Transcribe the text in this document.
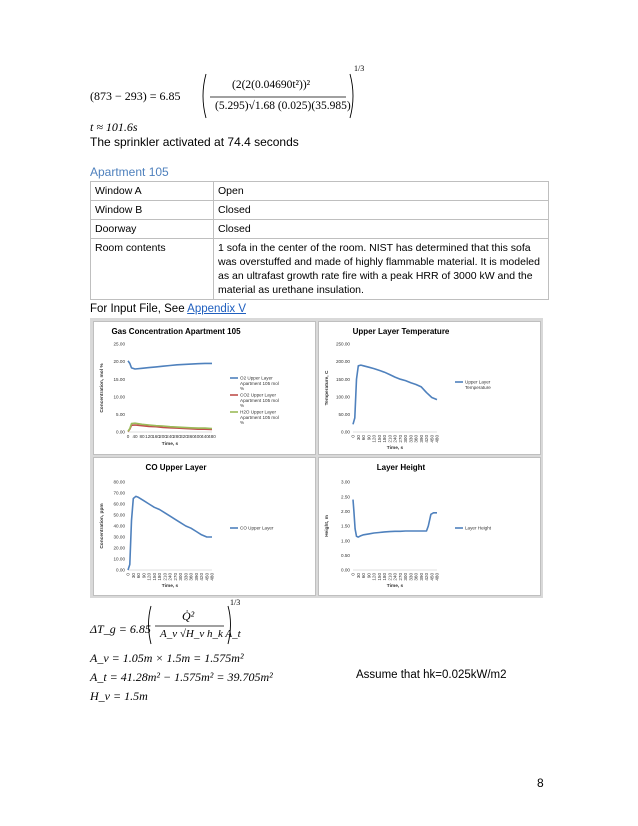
(873 − 293) = 6.85
(2(2(0.04690t²))²
(5.295)√1.68 (0.025)(35.985)
1/3
t ≈ 101.6s
The sprinkler activated at 74.4 seconds
Apartment 105
Window A	Open
Window B	Closed
Doorway	Closed
Room contents	1 sofa in the center of the room. NIST has determined that this sofa was overstuffed and made of highly flammable material. It is modeled as an ultrafast growth rate fire with a peak HRR of 3000 kW and the material as urethane insulation.
For Input File, See Appendix V
Gas Concentration Apartment 105
0.00
5.00
10.00
15.00
20.00
25.00
0 40 80 120 160 200 240 280 320 360 400 440 480
Time, s
Concentration, mol %	O2 Upper Layer Apartment 105 mol %
CO2 Upper Layer Apartment 105 mol %
H2O Upper Layer Apartment 105 mol %
Upper Layer Temperature
0.00
50.00
100.00
150.00
200.00
250.00
0 30 60 90 120 150 180 210 240 270 300 330 360 390 420 450 480
Time, s
Temperature, C	Upper Layer Temperature
CO Upper Layer
0.00
10.00
20.00
30.00
40.00
50.00
60.00
70.00
80.00
0 30 60 90 120 150 180 210 240 270 300 330 360 390 420 450 480
Time, s
Concentration, ppm	CO Upper Layer
Layer Height
0.00
0.50
1.00
1.50
2.00
2.50
3.00
0 30 60 90 120 150 180 210 240 270 300 330 360 390 420 450 480
Time, s
Height, m	Layer Height
ΔT_g = 6.85
Q̇²
A_v √H_v h_k A_t
1/3
A_v = 1.05m × 1.5m = 1.575m²
A_t = 41.28m² − 1.575m² = 39.705m²	Assume that hk=0.025kW/m2
H_v = 1.5m
8
